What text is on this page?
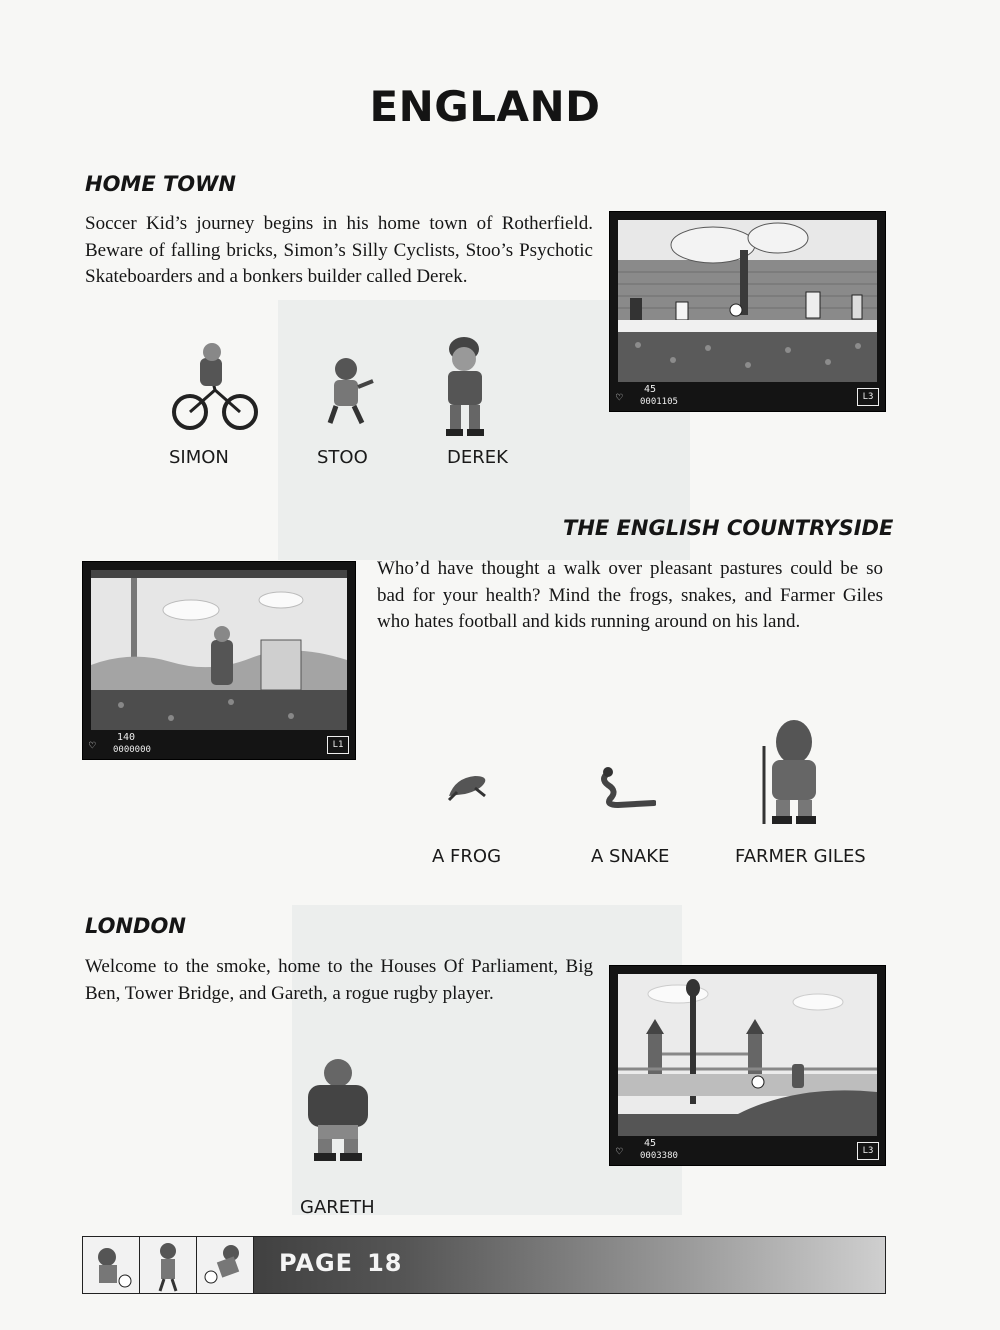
ENGLAND
HOME TOWN

Soccer Kid’s journey begins in his home town of Rotherfield. Beware of falling bricks, Simon’s Silly Cyclists, Stoo’s Psychotic Skateboarders and a bonkers builder called Derek.

♡
45
0001105	L3
SIMON	STOO	DEREK
THE ENGLISH COUNTRYSIDE
♡
140
0000000	L1

Who’d have thought a walk over pleasant pastures could be so bad for your health? Mind the frogs, snakes, and Farmer Giles who hates football and kids running around on his land.

A FROG	A SNAKE	FARMER GILES
LONDON

Welcome to the smoke, home to the Houses Of Parliament, Big Ben, Tower Bridge, and Gareth, a rogue rugby player.

♡
45
0003380	L3
GARETH
PAGE 18
